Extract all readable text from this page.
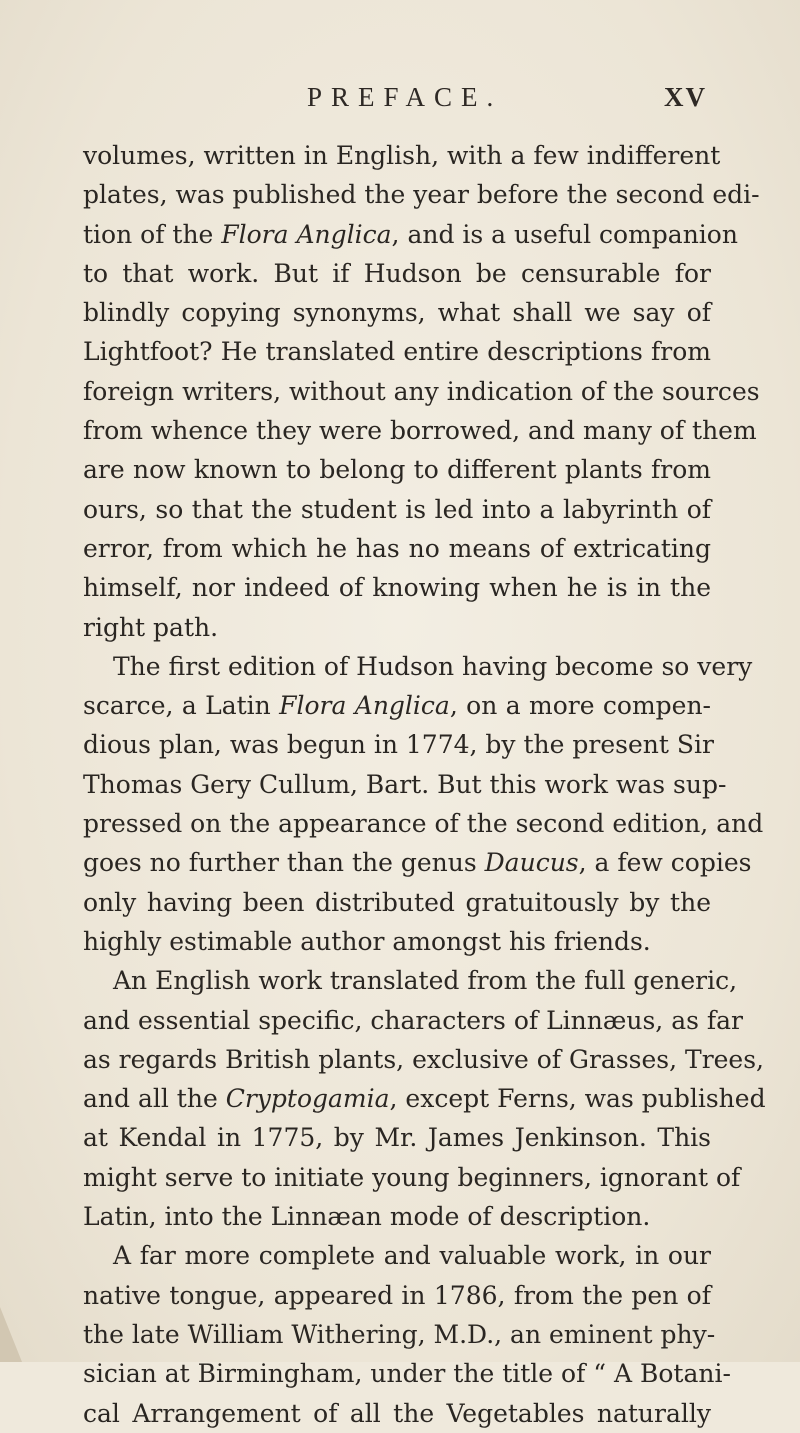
PREFACE.	XV
volumes, written in English, with a few indifferent
plates, was published the year before the second edi-
tion of the Flora Anglica, and is a useful companion
to that work. But if Hudson be censurable for
blindly copying synonyms, what shall we say of
Lightfoot? He translated entire descriptions from
foreign writers, without any indication of the sources
from whence they were borrowed, and many of them
are now known to belong to different plants from
ours, so that the student is led into a labyrinth of
error, from which he has no means of extricating
himself, nor indeed of knowing when he is in the
right path.
The first edition of Hudson having become so very
scarce, a Latin Flora Anglica, on a more compen-
dious plan, was begun in 1774, by the present Sir
Thomas Gery Cullum, Bart. But this work was sup-
pressed on the appearance of the second edition, and
goes no further than the genus Daucus, a few copies
only having been distributed gratuitously by the
highly estimable author amongst his friends.
An English work translated from the full generic,
and essential specific, characters of Linnæus, as far
as regards British plants, exclusive of Grasses, Trees,
and all the Cryptogamia, except Ferns, was published
at Kendal in 1775, by Mr. James Jenkinson. This
might serve to initiate young beginners, ignorant of
Latin, into the Linnæan mode of description.
A far more complete and valuable work, in our
native tongue, appeared in 1786, from the pen of
the late William Withering, M.D., an eminent phy-
sician at Birmingham, under the title of “ A Botani-
cal Arrangement of all the Vegetables naturally
